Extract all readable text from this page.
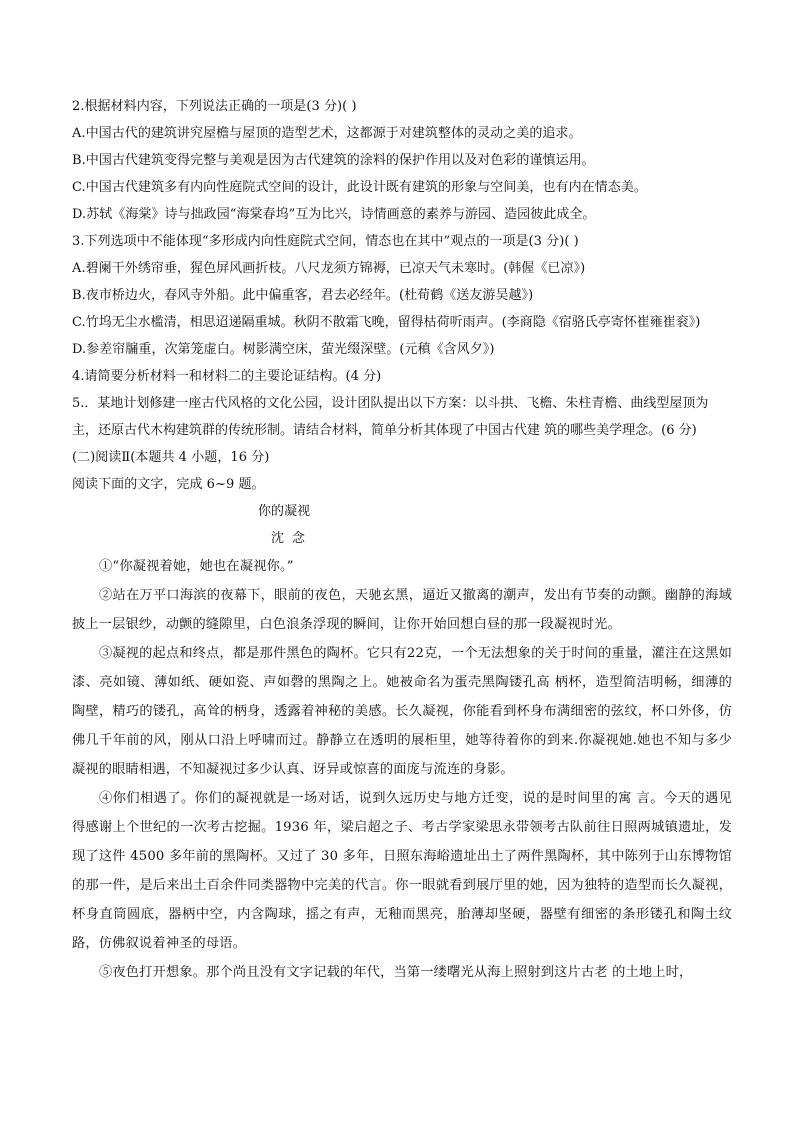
2.根据材料内容，下列说法正确的一项是(3 分)( )
A.中国古代的建筑讲究屋檐与屋顶的造型艺术，这都源于对建筑整体的灵动之美的追求。
B.中国古代建筑变得完整与美观是因为古代建筑的涂料的保护作用以及对色彩的谨慎运用。
C.中国古代建筑多有内向性庭院式空间的设计，此设计既有建筑的形象与空间美，也有内在情态美。
D.苏轼《海棠》诗与拙政园“海棠春坞”互为比兴，诗情画意的素养与游园、造园彼此成全。
3.下列选项中不能体现“多形成内向性庭院式空间，情态也在其中”观点的一项是(3 分)( )
A.碧阑干外绣帘垂，猩色屏风画折枝。八尺龙须方锦褥，已凉天气未寒时。(韩偓《已凉》)
B.夜市桥边火，春风寺外船。此中偏重客，君去必经年。(杜荀鹤《送友游吴越》)
C.竹坞无尘水槛清，相思迢递隔重城。秋阴不散霜飞晚，留得枯荷听雨声。(李商隐《宿骆氏亭寄怀崔雍崔衮》)
D.参差帘牖重，次第笼虚白。树影满空床，萤光缀深壁。(元稹《含风夕》)
4.请简要分析材料一和材料二的主要论证结构。(4 分)
5.．某地计划修建一座古代风格的文化公园，设计团队提出以下方案：以斗拱、飞檐、朱柱青檐、曲线型屋顶为主，还原古代木构建筑群的传统形制。请结合材料，简单分析其体现了中国古代建 筑的哪些美学理念。(6 分)
(二)阅读Ⅱ(本题共 4 小题，16 分)
阅读下面的文字，完成 6~9 题。
你的凝视
沈念
①“你凝视着她，她也在凝视你。”
②站在万平口海滨的夜幕下，眼前的夜色，天驰玄黑，逼近又撤离的潮声，发出有节奏的动颤。幽静的海域披上一层银纱，动颤的缝隙里，白色浪条浮现的瞬间，让你开始回想白昼的那一段凝视时光。
③凝视的起点和终点，都是那件黑色的陶杯。它只有22克，一个无法想象的关于时间的重量，灌注在这黑如漆、亮如镜、薄如纸、硬如瓷、声如磬的黑陶之上。她被命名为蛋壳黑陶镂孔高 柄杯，造型简洁明畅，细薄的陶壁，精巧的镂孔，高耸的柄身，透露着神秘的美感。长久凝视，你能看到杯身布满细密的弦纹，杯口外侈，仿佛几千年前的风，刚从口沿上呼啸而过。静静立在透明的展柜里，她等待着你的到来.你凝视她.她也不知与多少凝视的眼睛相遇，不知凝视过多少认真、讶异或惊喜的面庞与流连的身影。
④你们相遇了。你们的凝视就是一场对话，说到久远历史与地方迁变，说的是时间里的寓 言。今天的遇见得感谢上个世纪的一次考古挖掘。1936 年，梁启超之子、考古学家梁思永带领考古队前往日照两城镇遗址，发现了这件 4500 多年前的黑陶杯。又过了 30 多年，日照东海峪遗址出土了两件黑陶杯，其中陈列于山东博物馆的那一件，是后来出土百余件同类器物中完美的代言。你一眼就看到展厅里的她，因为独特的造型而长久凝视，杯身直筒圆底，器柄中空，内含陶球，摇之有声，无釉而黑亮，胎薄却坚硬，器壁有细密的条形镂孔和陶土纹路，仿佛叙说着神圣的母语。
⑤夜色打开想象。那个尚且没有文字记载的年代，当第一缕曙光从海上照射到这片古老 的土地上时，
